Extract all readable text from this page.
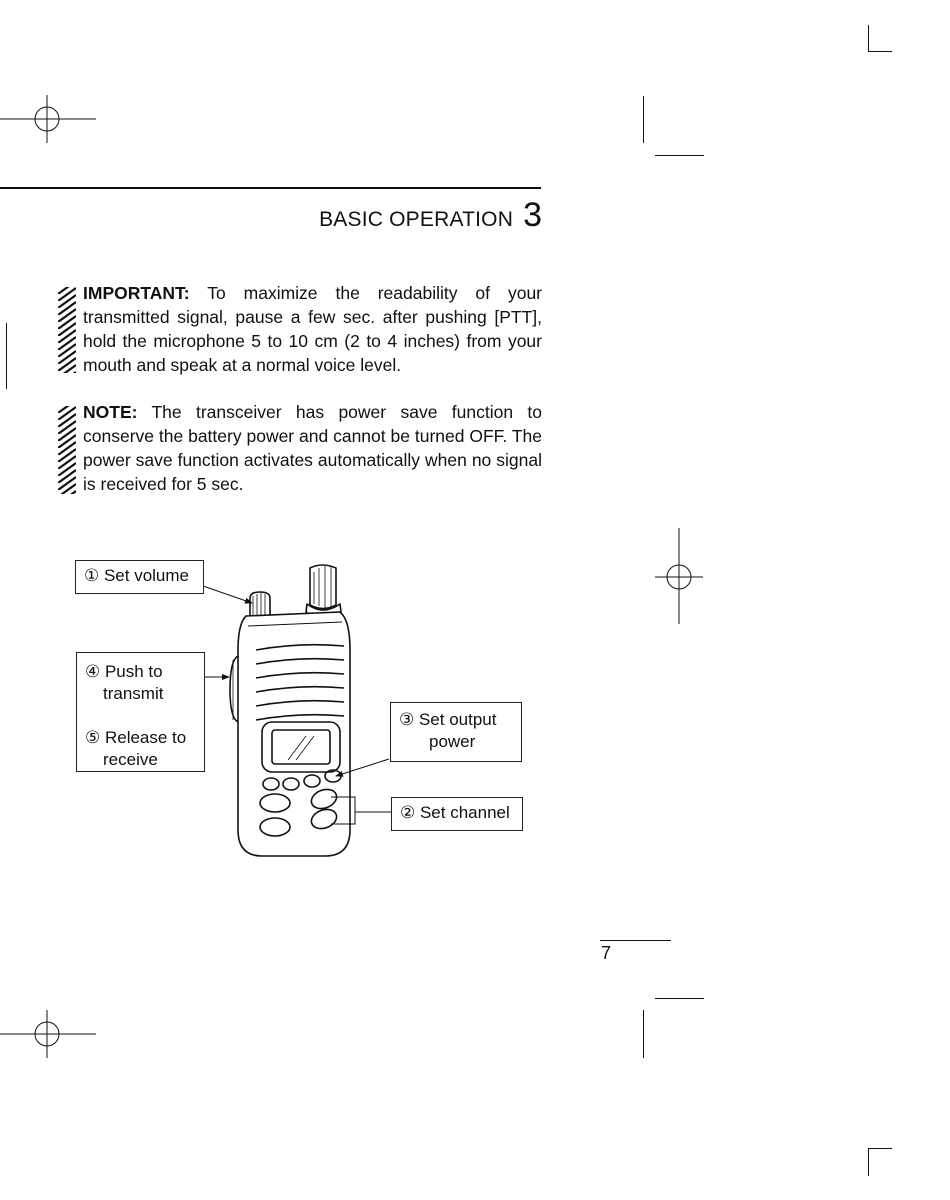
BASIC OPERATION 3

IMPORTANT: To maximize the readability of your transmitted signal, pause a few sec. after pushing [PTT], hold the microphone 5 to 10 cm (2 to 4 inches) from your mouth and speak at a normal voice level.

NOTE: The transceiver has power save function to conserve the battery power and cannot be turned OFF. The power save function activates automatically when no signal is received for 5 sec.

① Set volume
④ Push to
transmit
⑤ Release to
receive
③ Set output
power
② Set channel
7
